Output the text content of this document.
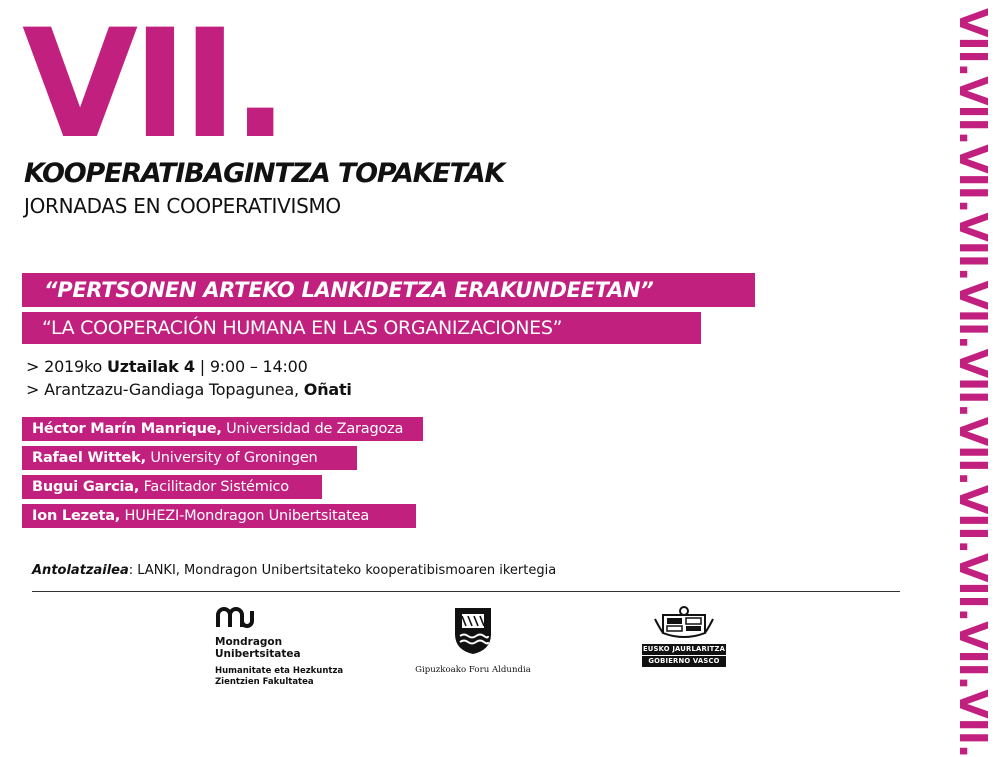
VII.
KOOPERATIBAGINTZA TOPAKETAK
JORNADAS EN COOPERATIVISMO
“PERTSONEN ARTEKO LANKIDETZA ERAKUNDEETAN”
“LA COOPERACIÓN HUMANA EN LAS ORGANIZACIONES”
> 2019ko Uztailak 4 | 9:00 – 14:00
> Arantzazu-Gandiaga Topagunea, Oñati
Héctor Marín Manrique, Universidad de Zaragoza
Rafael Wittek, University of Groningen
Bugui Garcia, Facilitador Sistémico
Ion Lezeta, HUHEZI-Mondragon Unibertsitatea
Antolatzailea: LANKI, Mondragon Unibertsitateko kooperatibismoaren ikertegia	VII.VII.VII.VII.VII.VII.VII.VII.VII.VII.VII.
Mondragon
Unibertsitatea
Humanitate eta Hezkuntza
Zientzien Fakultatea
Gipuzkoako Foru Aldundia
EUSKO JAURLARITZA
GOBIERNO VASCO
